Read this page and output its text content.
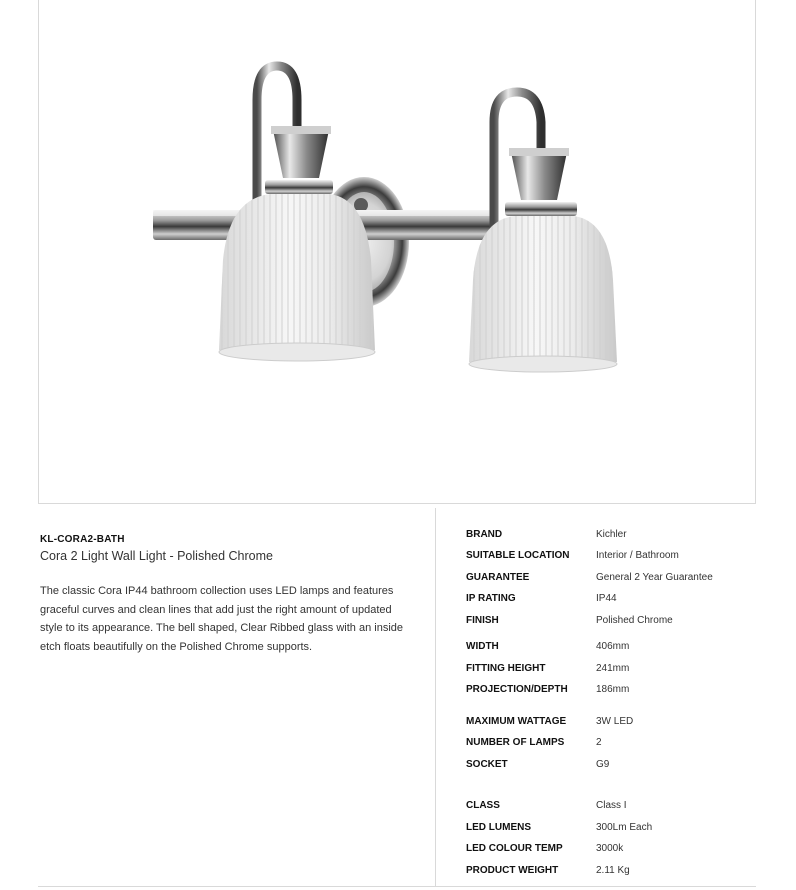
KL-CORA2-BATH
Cora 2 Light Wall Light - Polished Chrome

The classic Cora IP44 bathroom collection uses LED lamps and features graceful curves and clean lines that add just the right amount of updated style to its appearance. The bell shaped, Clear Ribbed glass with an inside etch floats beautifully on the Polished Chrome supports.

BRAND	Kichler
SUITABLE LOCATION	Interior / Bathroom
GUARANTEE	General 2 Year Guarantee
IP RATING	IP44
FINISH	Polished Chrome
WIDTH	406mm
FITTING HEIGHT	241mm
PROJECTION/DEPTH	186mm
MAXIMUM WATTAGE	3W LED
NUMBER OF LAMPS	2
SOCKET	G9
CLASS	Class I
LED LUMENS	300Lm Each
LED COLOUR TEMP	3000k
PRODUCT WEIGHT	2.11 Kg
